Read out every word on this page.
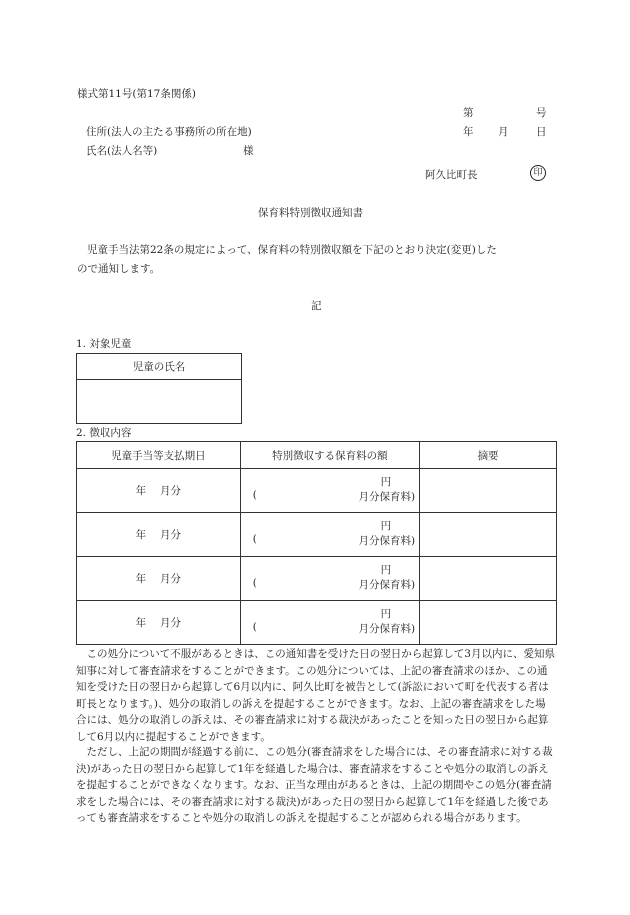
様式第11号(第17条関係)
第	号
住所(法人の主たる事務所の所在地)	年 月	日
氏名(法人名等)	様
阿久比町長	印
保育料特別徴収通知書
児童手当法第22条の規定によって、保育料の特別徴収額を下記のとおり決定(変更)した
ので通知します。
記
1. 対象児童
児童の氏名

2. 徴収内容
児童手当等支払期日	特別徴収する保育料の額	摘要
年　 月分	円
( 月分保育料)	

年　 月分	円
( 月分保育料)	

年　 月分	円
( 月分保育料)	

年　 月分	円
( 月分保育料)	

この処分について不服があるときは、この通知書を受けた日の翌日から起算して3月以内に、愛知県知事に対して審査請求をすることができます。この処分については、上記の審査請求のほか、この通知を受けた日の翌日から起算して6月以内に、阿久比町を被告として(訴訟において町を代表する者は町長となります。)、処分の取消しの訴えを提起することができます。なお、上記の審査請求をした場合には、処分の取消しの訴えは、その審査請求に対する裁決があったことを知った日の翌日から起算して6月以内に提起することができます。
ただし、上記の期間が経過する前に、この処分(審査請求をした場合には、その審査請求に対する裁決)があった日の翌日から起算して1年を経過した場合は、審査請求をすることや処分の取消しの訴えを提起することができなくなります。なお、正当な理由があるときは、上記の期間やこの処分(審査請求をした場合には、その審査請求に対する裁決)があった日の翌日から起算して1年を経過した後であっても審査請求をすることや処分の取消しの訴えを提起することが認められる場合があります。
